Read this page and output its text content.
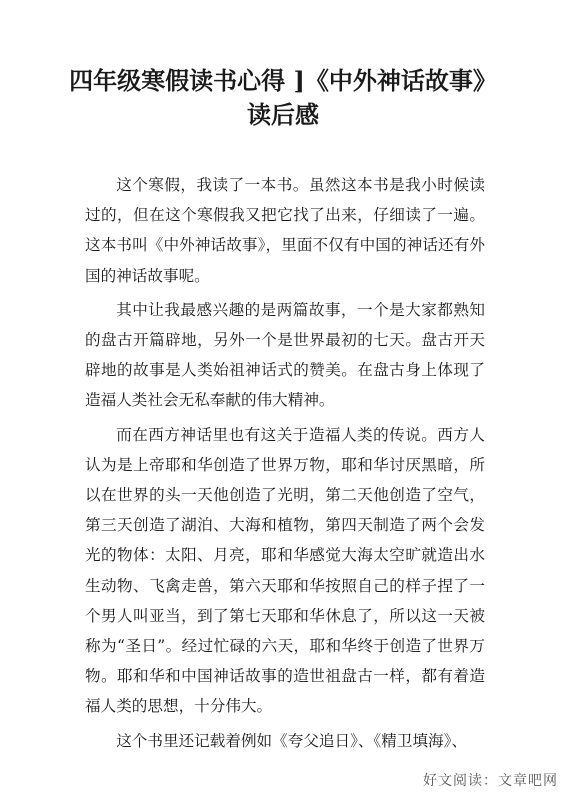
四年级寒假读书心得 ]《中外神话故事》
读后感

这个寒假，我读了一本书。虽然这本书是我小时候读过的，但在这个寒假我又把它找了出来，仔细读了一遍。这本书叫《中外神话故事》，里面不仅有中国的神话还有外国的神话故事呢。

其中让我最感兴趣的是两篇故事，一个是大家都熟知的盘古开篇辟地，另外一个是世界最初的七天。盘古开天辟地的故事是人类始祖神话式的赞美。在盘古身上体现了造福人类社会无私奉献的伟大精神。

而在西方神话里也有这关于造福人类的传说。西方人认为是上帝耶和华创造了世界万物，耶和华讨厌黑暗，所以在世界的头一天他创造了光明，第二天他创造了空气，第三天创造了湖泊、大海和植物，第四天制造了两个会发光的物体：太阳、月亮，耶和华感觉大海太空旷就造出水生动物、飞禽走兽，第六天耶和华按照自己的样子捏了一个男人叫亚当，到了第七天耶和华休息了，所以这一天被称为“圣日”。经过忙碌的六天，耶和华终于创造了世界万物。耶和华和中国神话故事的造世祖盘古一样，都有着造福人类的思想，十分伟大。

这个书里还记载着例如《夸父追日》、《精卫填海》、

好文阅读：文章吧网
